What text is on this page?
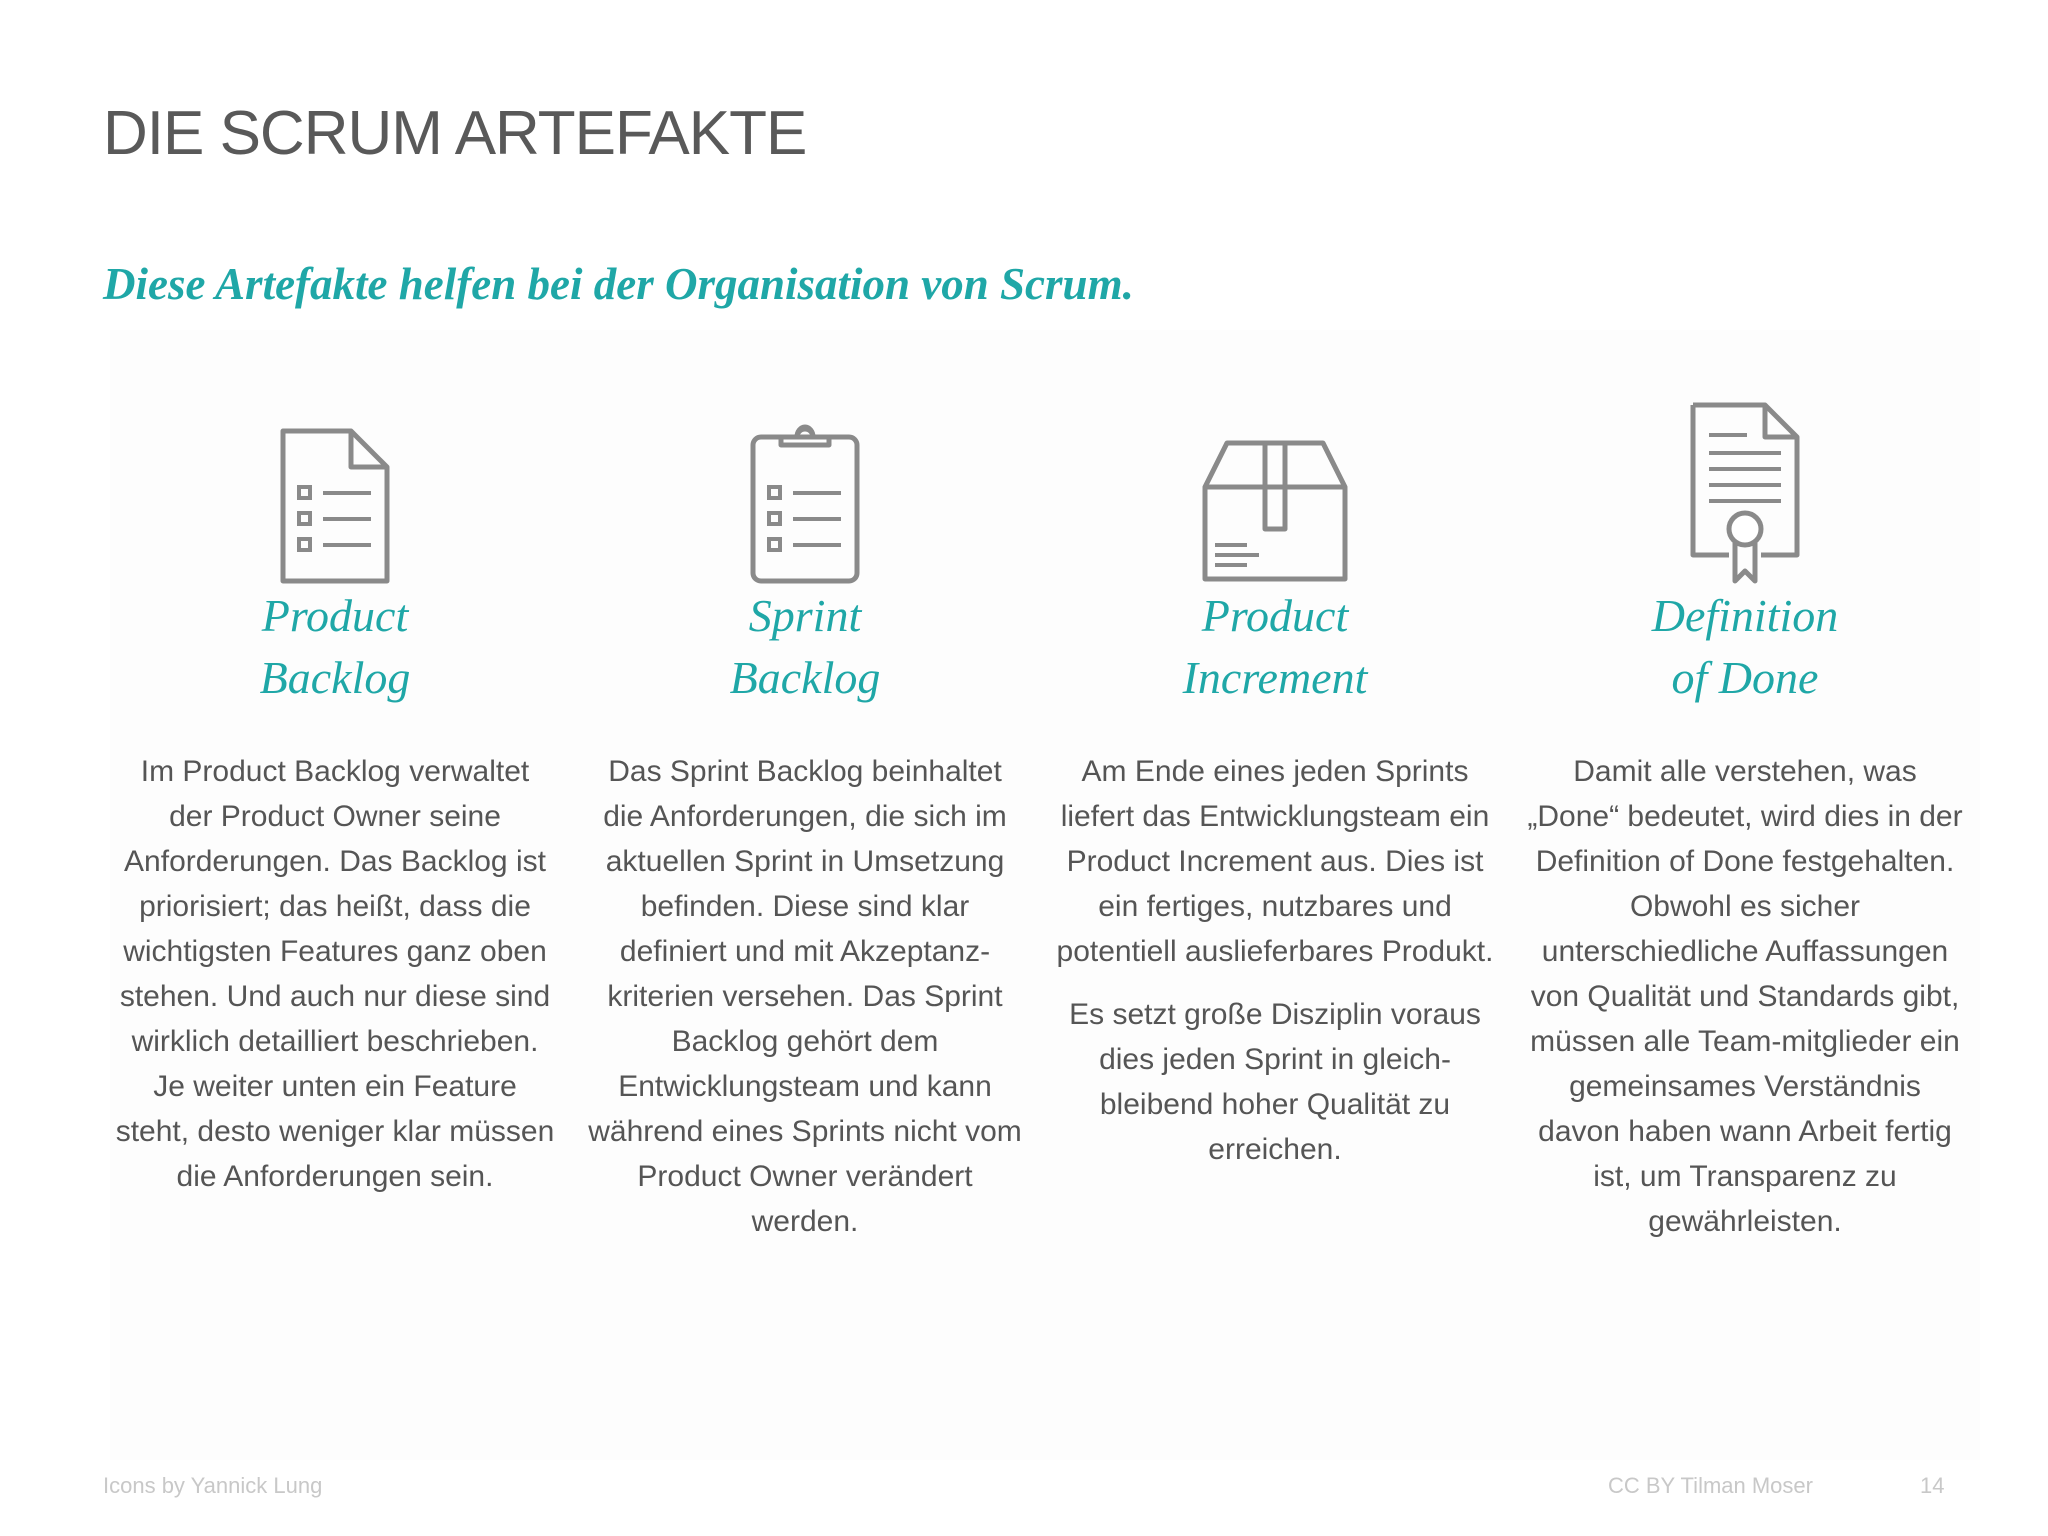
DIE SCRUM ARTEFAKTE
Diese Artefakte helfen bei der Organisation von Scrum.
Product
Backlog

Im Product Backlog verwaltet der Product Owner seine Anforderungen. Das Backlog ist priorisiert; das heißt, dass die wichtigsten Features ganz oben stehen. Und auch nur diese sind wirklich detailliert beschrieben. Je weiter unten ein Feature steht, desto weniger klar müssen die Anforderungen sein.

Sprint
Backlog

Das Sprint Backlog beinhaltet die Anforderungen, die sich im aktuellen Sprint in Umsetzung befinden. Diese sind klar definiert und mit Akzeptanz-kriterien versehen. Das Sprint Backlog gehört dem Entwicklungsteam und kann während eines Sprints nicht vom Product Owner verändert werden.

Product
Increment

Am Ende eines jeden Sprints liefert das Entwicklungsteam ein Product Increment aus. Dies ist ein fertiges, nutzbares und potentiell auslieferbares Produkt.

Es setzt große Disziplin voraus dies jeden Sprint in gleich-bleibend hoher Qualität zu erreichen.

Definition
of Done

Damit alle verstehen, was „Done“ bedeutet, wird dies in der Definition of Done festgehalten. Obwohl es sicher unterschiedliche Auffassungen von Qualität und Standards gibt, müssen alle Team-mitglieder ein gemeinsames Verständnis davon haben wann Arbeit fertig ist, um Transparenz zu gewährleisten.

Icons by Yannick Lung	CC BY Tilman Moser	14
